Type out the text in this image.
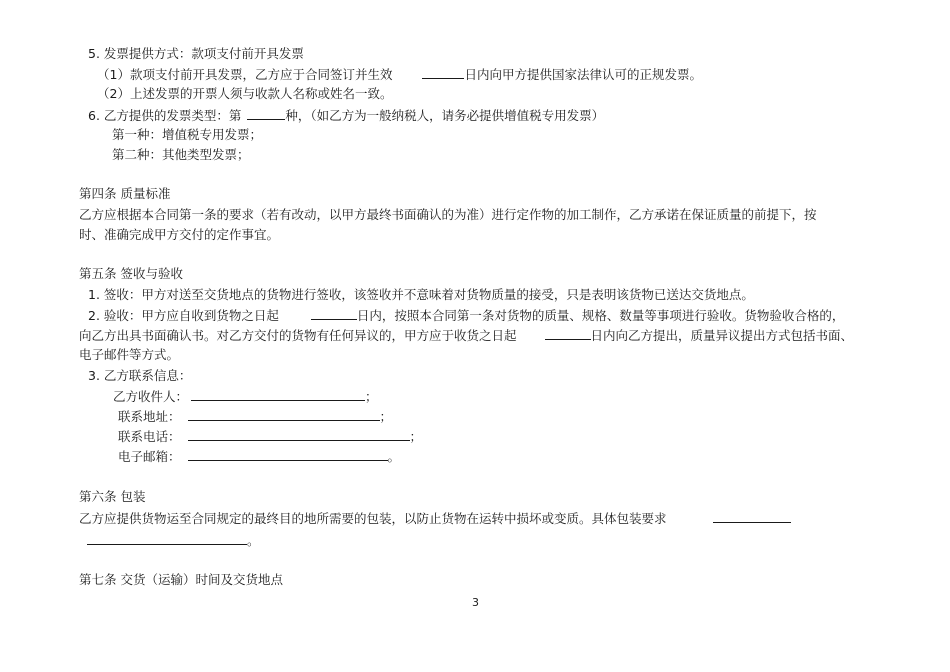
5. 发票提供方式：款项支付前开具发票
（1）款项支付前开具发票，乙方应于合同签订并生效	日内向甲方提供国家法律认可的正规发票。
（2）上述发票的开票人须与收款人名称或姓名一致。
6. 乙方提供的发票类型：第	种，（如乙方为一般纳税人，请务必提供增值税专用发票）
第一种：增值税专用发票；
第二种：其他类型发票；
第四条 质量标准
乙方应根据本合同第一条的要求（若有改动，以甲方最终书面确认的为准）进行定作物的加工制作，乙方承诺在保证质量的前提下，按
时、准确完成甲方交付的定作事宜。
第五条 签收与验收
1. 签收：甲方对送至交货地点的货物进行签收，该签收并不意味着对货物质量的接受，只是表明该货物已送达交货地点。
2. 验收：甲方应自收到货物之日起	日内，按照本合同第一条对货物的质量、规格、数量等事项进行验收。货物验收合格的，
向乙方出具书面确认书。对乙方交付的货物有任何异议的，甲方应于收货之日起	日内向乙方提出，质量异议提出方式包括书面、
电子邮件等方式。
3. 乙方联系信息：
乙方收件人：	；
联系地址：	；
联系电话：	；
电子邮箱：	。
第六条 包装
乙方应提供货物运至合同规定的最终目的地所需要的包装，以防止货物在运转中损坏或变质。具体包装要求
。
第七条 交货（运输）时间及交货地点
3
